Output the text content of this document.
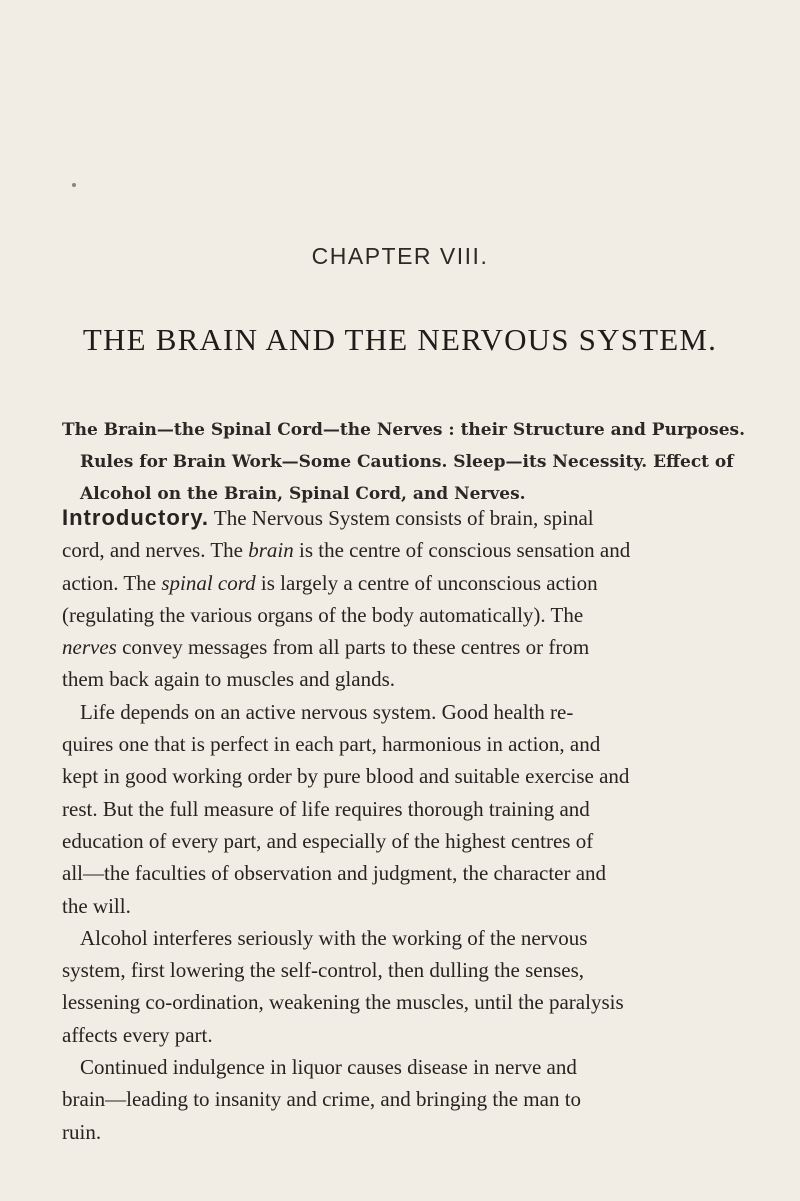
CHAPTER VIII.
THE BRAIN AND THE NERVOUS SYSTEM.
The Brain—the Spinal Cord—the Nerves : their Structure and Purposes.
Rules for Brain Work—Some Cautions. Sleep—its Necessity. Effect of
Alcohol on the Brain, Spinal Cord, and Nerves.
Introductory. The Nervous System consists of brain, spinal
cord, and nerves. The brain is the centre of conscious sensation and
action. The spinal cord is largely a centre of unconscious action
(regulating the various organs of the body automatically). The
nerves convey messages from all parts to these centres or from
them back again to muscles and glands.
Life depends on an active nervous system. Good health re-
quires one that is perfect in each part, harmonious in action, and
kept in good working order by pure blood and suitable exercise and
rest. But the full measure of life requires thorough training and
education of every part, and especially of the highest centres of
all—the faculties of observation and judgment, the character and
the will.
Alcohol interferes seriously with the working of the nervous
system, first lowering the self-control, then dulling the senses,
lessening co-ordination, weakening the muscles, until the paralysis
affects every part.
Continued indulgence in liquor causes disease in nerve and
brain—leading to insanity and crime, and bringing the man to
ruin.
